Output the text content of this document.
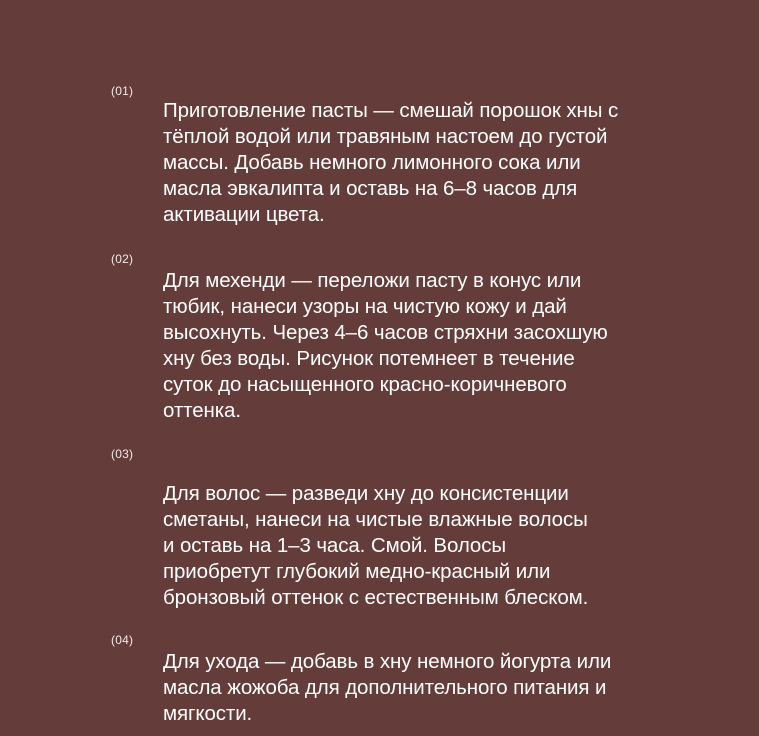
(01)

Приготовление пасты — смешай порошок хны с
тёплой водой или травяным настоем до густой
массы. Добавь немного лимонного сока или
масла эвкалипта и оставь на 6–8 часов для
активации цвета.

(02)

Для мехенди — переложи пасту в конус или
тюбик, нанеси узоры на чистую кожу и дай
высохнуть. Через 4–6 часов стряхни засохшую
хну без воды. Рисунок потемнеет в течение
суток до насыщенного красно-коричневого
оттенка.

(03)

Для волос — разведи хну до консистенции
сметаны, нанеси на чистые влажные волосы
и оставь на 1–3 часа. Смой. Волосы
приобретут глубокий медно-красный или
бронзовый оттенок с естественным блеском.

(04)

Для ухода — добавь в хну немного йогурта или
масла жожоба для дополнительного питания и
мягкости.
